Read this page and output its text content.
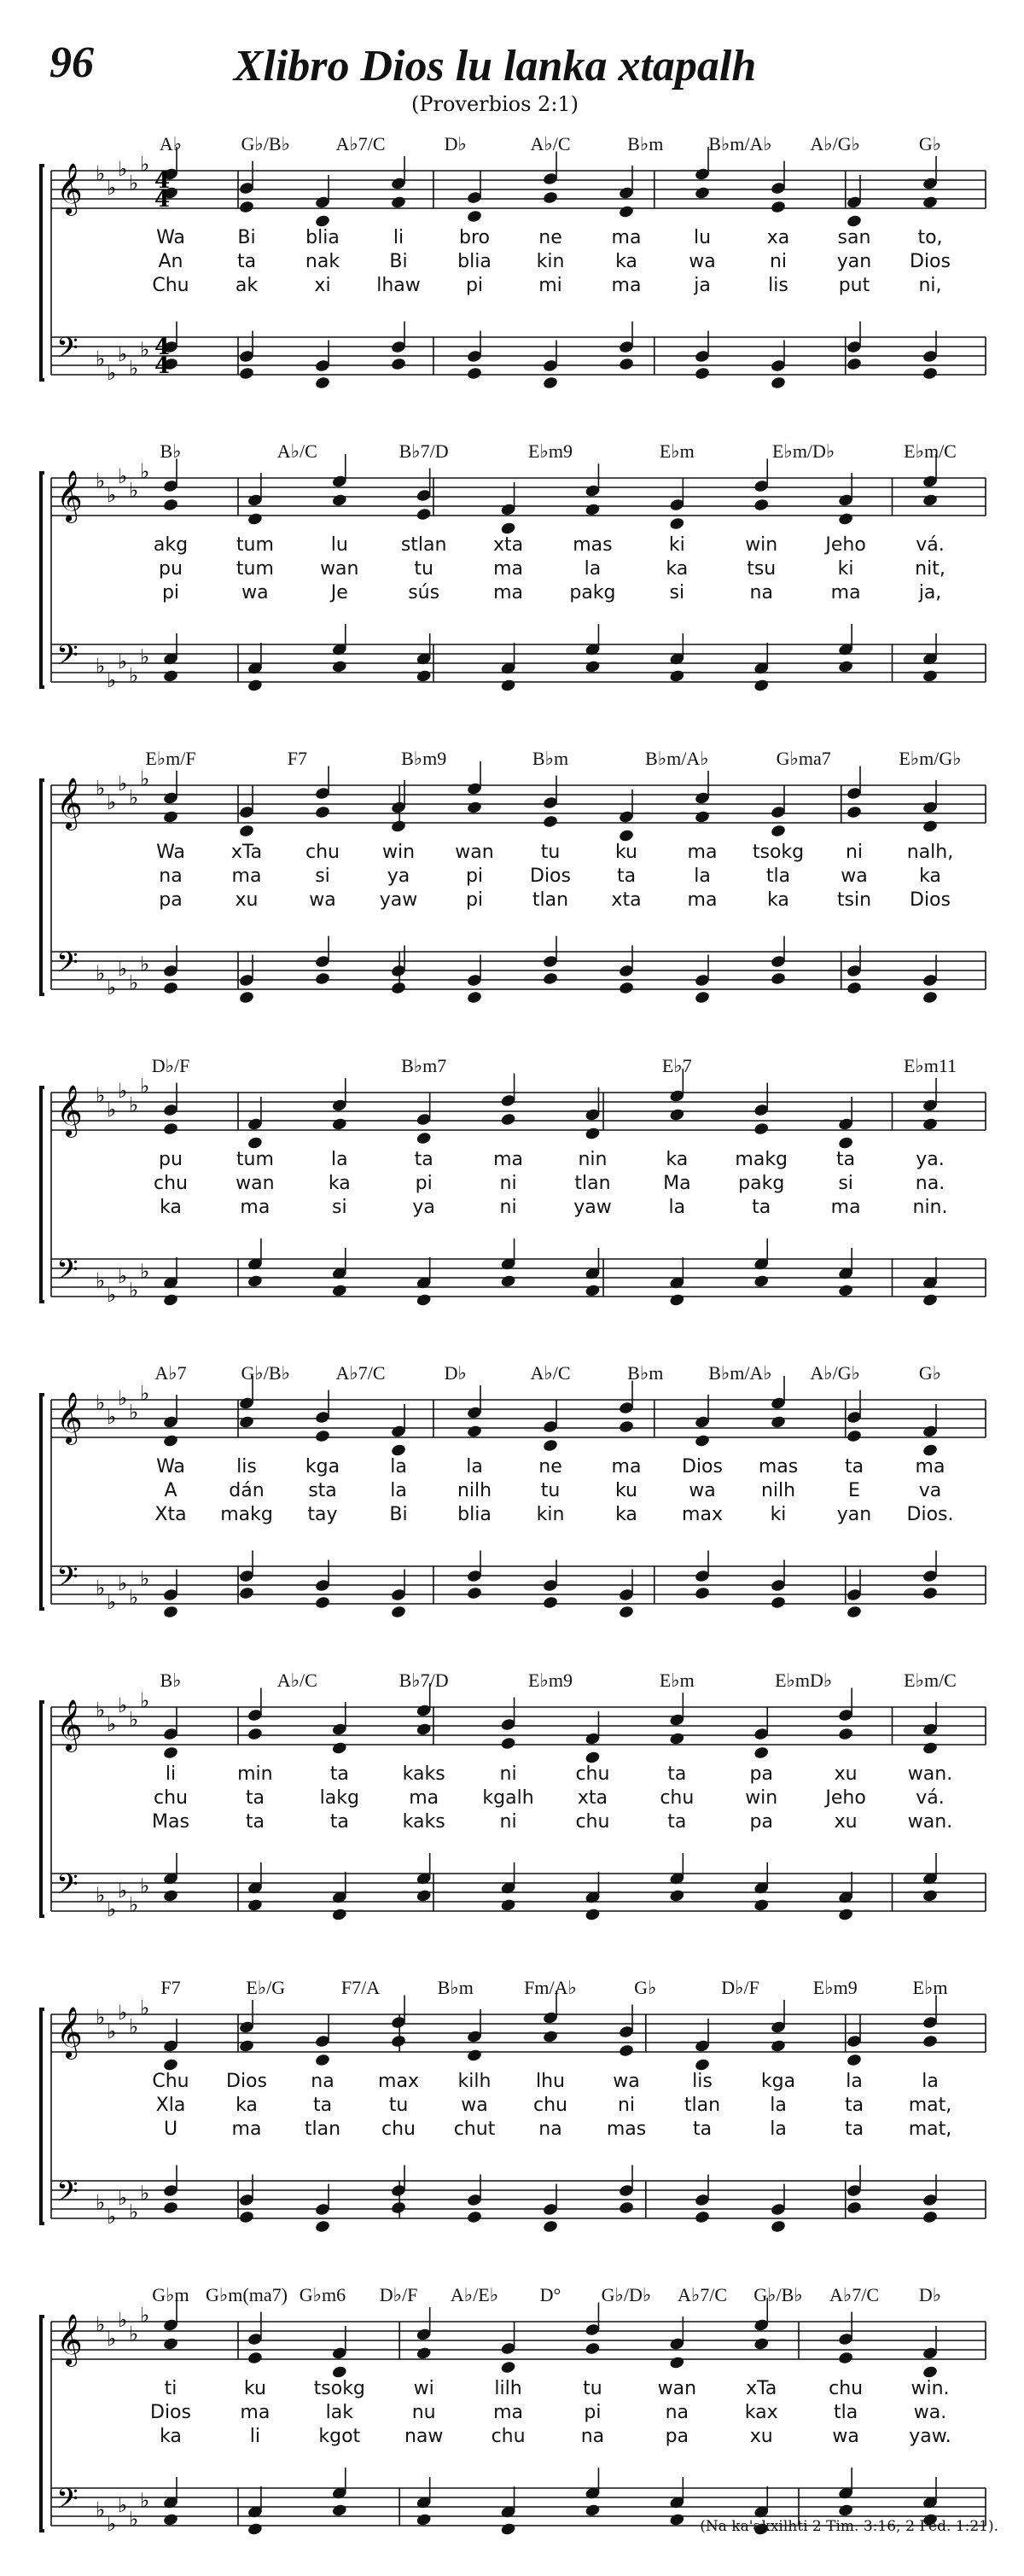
96	Xlibro Dios lu lanka xtapalh
(Proverbios 2:1)
𝄞
𝄢
♭
♭
♭
♭
♭
♭
♭
♭
♭
♭
A♭	G♭/B♭ A♭7/C	D♭	A♭/C	B♭m B♭m/A♭ A♭/G♭	G♭
Wa	Bi	blia	li	bro	ne	ma	lu	xa	san	to,
An	ta	nak	Bi	blia kin	ka	wa	ni	yan Dios
Chu ak	xi lhaw pi	mi	ma	ja	lis	put	ni,
4
4
4
4
𝄞
𝄢
♭
♭
♭
♭
♭
♭
♭
♭
♭
♭
B♭	A♭/C	B♭7/D	E♭m9	E♭m	E♭m/D♭	E♭m/C
akg	tum	lu	stlan xta	mas	ki	win	Jeho	vá.
pu	tum wan	tu	ma	la	ka	tsu	ki	nit,
pi	wa	Je	sús	ma pakg	si	na	ma	ja,
𝄞
𝄢
♭
♭
♭
♭
♭
♭
♭
♭
♭
♭
E♭m/F	F7	B♭m9	B♭m	B♭m/A♭	G♭ma7	E♭m/G♭
Wa xTa chu win wan	tu	ku	ma tsokg ni nalh,
na	ma	si	ya	pi Dios ta	la	tla	wa	ka
pa	xu	wa yaw	pi	tlan xta ma	ka	tsin Dios
𝄞
𝄢
♭
♭
♭
♭
♭
♭
♭
♭
♭
♭
D♭/F	B♭m7	E♭7	E♭m11
pu	tum	la	ta	ma	nin	ka	makg	ta	ya.
chu	wan	ka	pi	ni	tlan	Ma	pakg	si	na.
ka	ma	si	ya	ni	yaw	la	ta	ma	nin.
𝄞
𝄢
♭
♭
♭
♭
♭
♭
♭
♭
♭
♭
A♭7	G♭/B♭ A♭7/C	D♭	A♭/C	B♭m B♭m/A♭ A♭/G♭	G♭
Wa	lis	kga	la	la	ne	ma Dios mas ta	ma
A	dán sta	la	nilh	tu	ku	wa nilh	E	va
Xta makg tay	Bi	blia kin	ka max	ki	yan Dios.
𝄞
𝄢
♭
♭
♭
♭
♭
♭
♭
♭
♭
♭
B♭	A♭/C	B♭7/D	E♭m9	E♭m	E♭mD♭	E♭m/C
li	min	ta	kaks	ni	chu	ta	pa	xu	wan.
chu	ta	lakg	ma kgalh xta	chu	win	Jeho	vá.
Mas	ta	ta	kaks	ni	chu	ta	pa	xu	wan.
𝄞
𝄢
♭
♭
♭
♭
♭
♭
♭
♭
♭
♭
F7	E♭/G	F7/A	B♭m	Fm/A♭	G♭	D♭/F	E♭m9	E♭m
Chu Dios na max kilh lhu	wa	lis	kga	la	la
Xla	ka	ta	tu	wa chu	ni	tlan	la	ta mat,
U	ma tlan chu chut na mas ta	la	ta mat,
𝄞
𝄢
♭
♭
♭
♭
♭
♭
♭
♭
♭
♭
G♭m G♭m(ma7) G♭m6 D♭/F A♭/E♭ D° G♭/D♭ A♭7/C G♭/B♭ A♭7/C D♭
ti	ku	tsokg	wi	lilh	tu	wan	xTa	chu	win.
Dios	ma	lak	nu	ma	pi	na	kax	tla	wa.
ka	li	kgot naw	chu	na	pa	xu	wa	yaw.
(Na ka'akxilhti 2 Tim. 3:16; 2 Ped. 1:21).
